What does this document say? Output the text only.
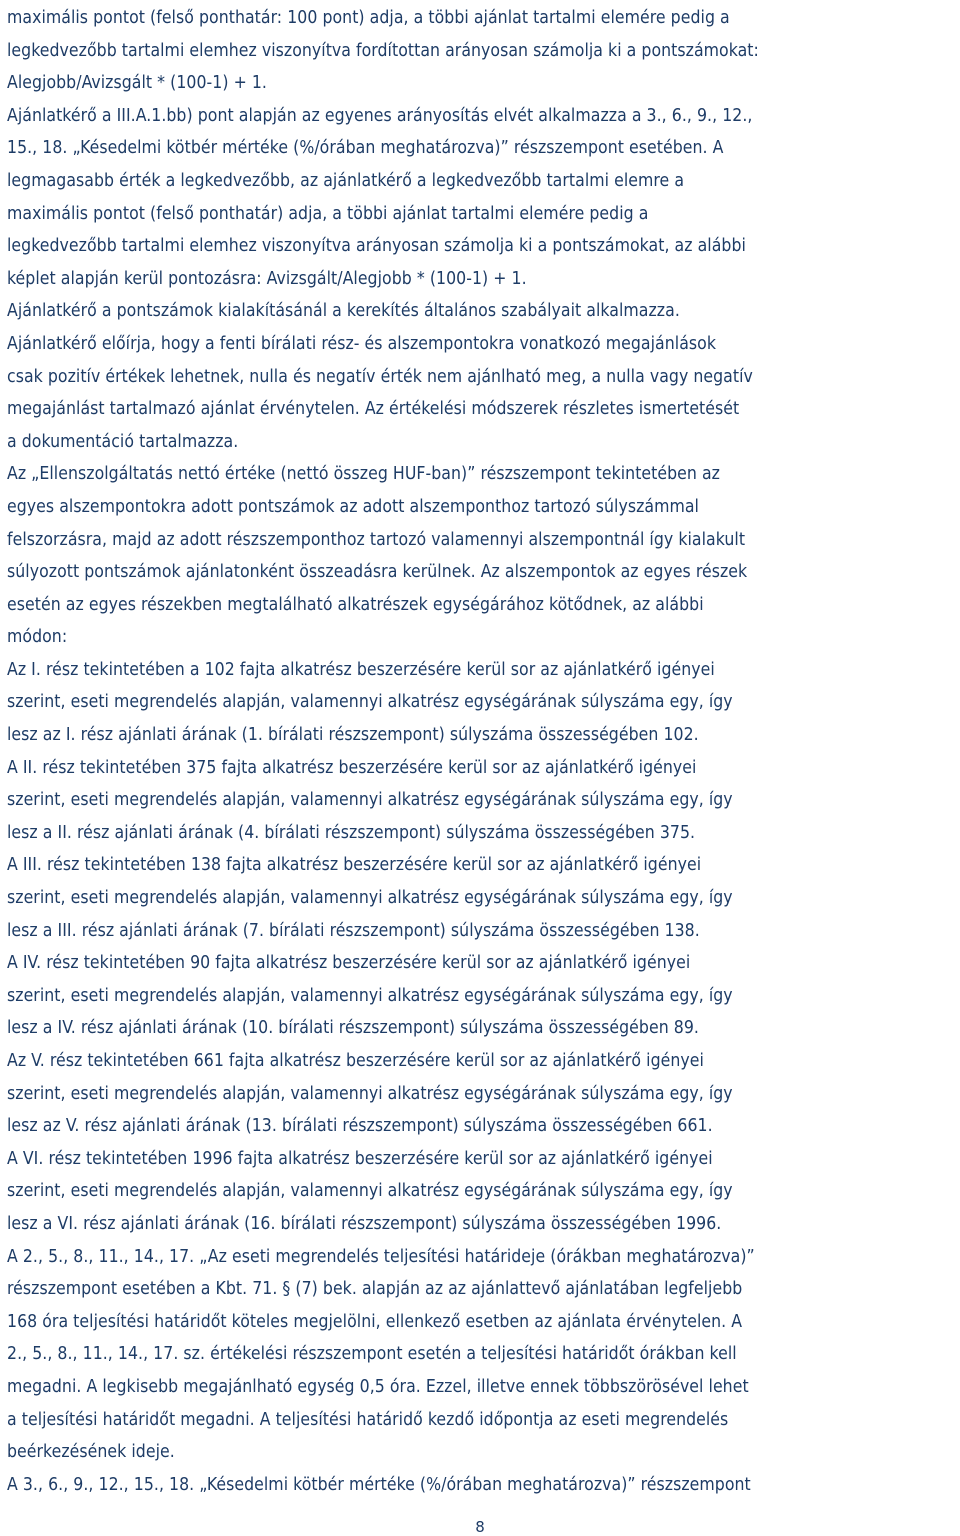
maximális pontot (felső ponthatár: 100 pont) adja, a többi ajánlat tartalmi elemére pedig a
legkedvezőbb tartalmi elemhez viszonyítva fordítottan arányosan számolja ki a pontszámokat:
Alegjobb/Avizsgált * (100-1) + 1.
Ajánlatkérő a III.A.1.bb) pont alapján az egyenes arányosítás elvét alkalmazza a 3., 6., 9., 12.,
15., 18. „Késedelmi kötbér mértéke (%/órában meghatározva)” részszempont esetében. A
legmagasabb érték a legkedvezőbb, az ajánlatkérő a legkedvezőbb tartalmi elemre a
maximális pontot (felső ponthatár) adja, a többi ajánlat tartalmi elemére pedig a
legkedvezőbb tartalmi elemhez viszonyítva arányosan számolja ki a pontszámokat, az alábbi
képlet alapján kerül pontozásra: Avizsgált/Alegjobb * (100-1) + 1.
Ajánlatkérő a pontszámok kialakításánál a kerekítés általános szabályait alkalmazza.
Ajánlatkérő előírja, hogy a fenti bírálati rész- és alszempontokra vonatkozó megajánlások
csak pozitív értékek lehetnek, nulla és negatív érték nem ajánlható meg, a nulla vagy negatív
megajánlást tartalmazó ajánlat érvénytelen. Az értékelési módszerek részletes ismertetését
a dokumentáció tartalmazza.
Az „Ellenszolgáltatás nettó értéke (nettó összeg HUF-ban)” részszempont tekintetében az
egyes alszempontokra adott pontszámok az adott alszemponthoz tartozó súlyszámmal
felszorzásra, majd az adott részszemponthoz tartozó valamennyi alszempontnál így kialakult
súlyozott pontszámok ajánlatonként összeadásra kerülnek. Az alszempontok az egyes részek
esetén az egyes részekben megtalálható alkatrészek egységárához kötődnek, az alábbi
módon:
Az I. rész tekintetében a 102 fajta alkatrész beszerzésére kerül sor az ajánlatkérő igényei
szerint, eseti megrendelés alapján, valamennyi alkatrész egységárának súlyszáma egy, így
lesz az I. rész ajánlati árának (1. bírálati részszempont) súlyszáma összességében 102.
A II. rész tekintetében 375 fajta alkatrész beszerzésére kerül sor az ajánlatkérő igényei
szerint, eseti megrendelés alapján, valamennyi alkatrész egységárának súlyszáma egy, így
lesz a II. rész ajánlati árának (4. bírálati részszempont) súlyszáma összességében 375.
A III. rész tekintetében 138 fajta alkatrész beszerzésére kerül sor az ajánlatkérő igényei
szerint, eseti megrendelés alapján, valamennyi alkatrész egységárának súlyszáma egy, így
lesz a III. rész ajánlati árának (7. bírálati részszempont) súlyszáma összességében 138.
A IV. rész tekintetében 90 fajta alkatrész beszerzésére kerül sor az ajánlatkérő igényei
szerint, eseti megrendelés alapján, valamennyi alkatrész egységárának súlyszáma egy, így
lesz a IV. rész ajánlati árának (10. bírálati részszempont) súlyszáma összességében 89.
Az V. rész tekintetében 661 fajta alkatrész beszerzésére kerül sor az ajánlatkérő igényei
szerint, eseti megrendelés alapján, valamennyi alkatrész egységárának súlyszáma egy, így
lesz az V. rész ajánlati árának (13. bírálati részszempont) súlyszáma összességében 661.
A VI. rész tekintetében 1996 fajta alkatrész beszerzésére kerül sor az ajánlatkérő igényei
szerint, eseti megrendelés alapján, valamennyi alkatrész egységárának súlyszáma egy, így
lesz a VI. rész ajánlati árának (16. bírálati részszempont) súlyszáma összességében 1996.
A 2., 5., 8., 11., 14., 17. „Az eseti megrendelés teljesítési határideje (órákban meghatározva)”
részszempont esetében a Kbt. 71. § (7) bek. alapján az az ajánlattevő ajánlatában legfeljebb
168 óra teljesítési határidőt köteles megjelölni, ellenkező esetben az ajánlata érvénytelen. A
2., 5., 8., 11., 14., 17. sz. értékelési részszempont esetén a teljesítési határidőt órákban kell
megadni. A legkisebb megajánlható egység 0,5 óra. Ezzel, illetve ennek többszörösével lehet
a teljesítési határidőt megadni. A teljesítési határidő kezdő időpontja az eseti megrendelés
beérkezésének ideje.
A 3., 6., 9., 12., 15., 18. „Késedelmi kötbér mértéke (%/órában meghatározva)” részszempont
8
